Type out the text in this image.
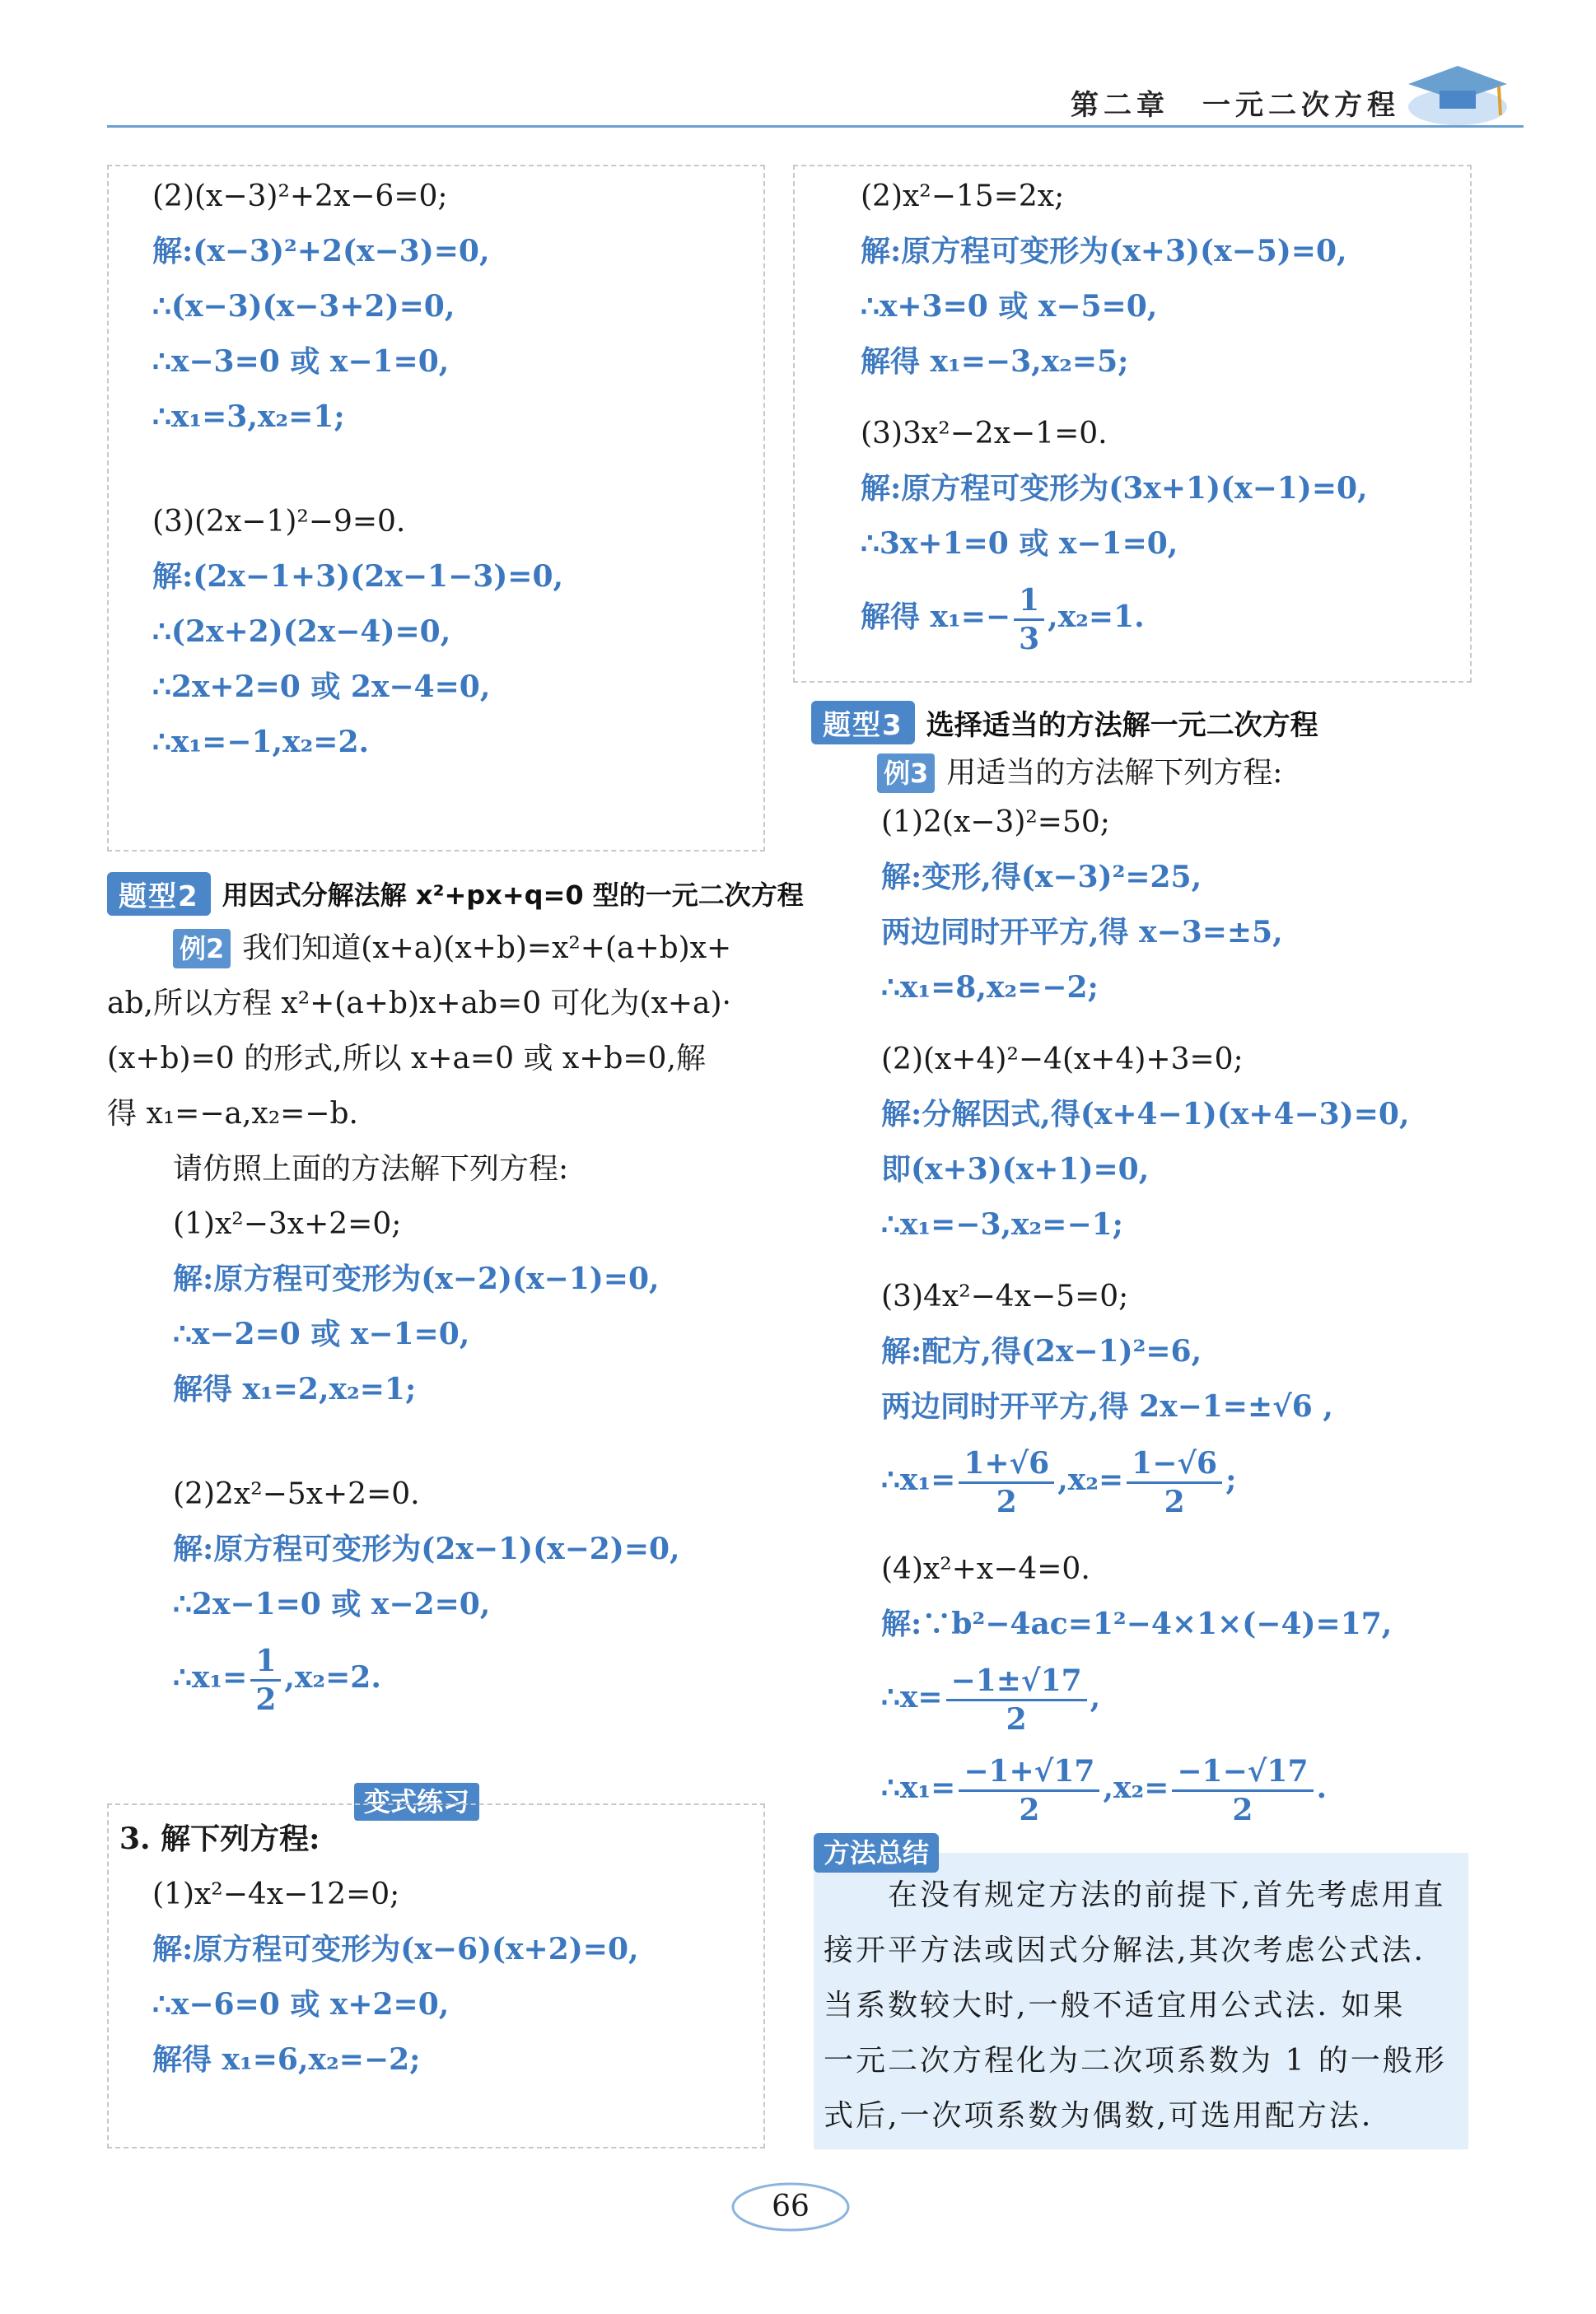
第二章　一元二次方程
(2)(x−3)²+2x−6=0;
解:(x−3)²+2(x−3)=0,
∴(x−3)(x−3+2)=0,
∴x−3=0 或 x−1=0,
∴x₁=3,x₂=1;
(3)(2x−1)²−9=0.
解:(2x−1+3)(2x−1−3)=0,
∴(2x+2)(2x−4)=0,
∴2x+2=0 或 2x−4=0,
∴x₁=−1,x₂=2.
题型2 用因式分解法解 x²+px+q=0 型的一元二次方程
例2 我们知道(x+a)(x+b)=x²+(a+b)x+
ab,所以方程 x²+(a+b)x+ab=0 可化为(x+a)·
(x+b)=0 的形式,所以 x+a=0 或 x+b=0,解
得 x₁=−a,x₂=−b.
请仿照上面的方法解下列方程:
(1)x²−3x+2=0;
解:原方程可变形为(x−2)(x−1)=0,
∴x−2=0 或 x−1=0,
解得 x₁=2,x₂=1;
(2)2x²−5x+2=0.
解:原方程可变形为(2x−1)(x−2)=0,
∴2x−1=0 或 x−2=0,
∴x₁= $\frac{1}{2} ,x_2=2$.
变式练习
3. 解下列方程:
(1)x²−4x−12=0;
解:原方程可变形为(x−6)(x+2)=0,
∴x−6=0 或 x+2=0,
解得 x₁=6,x₂=−2;
(2)x²−15=2x;
解:原方程可变形为(x+3)(x−5)=0,
∴x+3=0 或 x−5=0,
解得 x₁=−3,x₂=5;
(3)3x²−2x−1=0.
解:原方程可变形为(3x+1)(x−1)=0,
∴3x+1=0 或 x−1=0,
解得 $x_1=- \frac{1}{3} ,x_2=1$.
题型3 选择适当的方法解一元二次方程
例3 用适当的方法解下列方程:
(1)2(x−3)²=50;
解:变形,得(x−3)²=25,
两边同时开平方,得 x−3=±5,
∴x₁=8,x₂=−2;
(2)(x+4)²−4(x+4)+3=0;
解:分解因式,得(x+4−1)(x+4−3)=0,
即(x+3)(x+1)=0,
∴x₁=−3,x₂=−1;
(3)4x²−4x−5=0;
解:配方,得(2x−1)²=6,
两边同时开平方,得 2x−1=±√6 ,
∴x₁= $\frac{1+√6}{2} ,x_2= \frac{1-√6}{2}$ ;
(4)x²+x−4=0.
解:∵b²−4ac=1²−4×1×(−4)=17,
∴x= $\frac{-1\pm√17}{2}$ ,
∴x₁= $\frac{-1+√17}{2} ,x_2= \frac{-1-√17}{2}$ .
方法总结
　　在没有规定方法的前提下,首先考虑用直
接开平方法或因式分解法,其次考虑公式法.
当系数较大时,一般不适宜用公式法. 如果
一元二次方程化为二次项系数为 1 的一般形
式后,一次项系数为偶数,可选用配方法.
66
